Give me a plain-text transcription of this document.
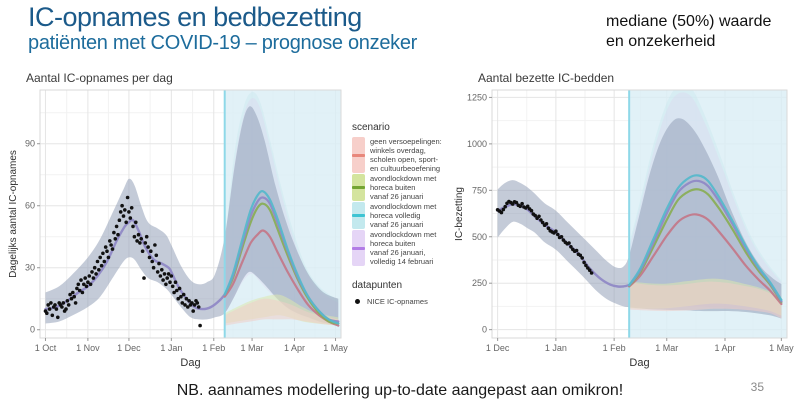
IC-opnames en bedbezetting
patiënten met COVID-19 – prognose onzeker
mediane (50%) waarde
en onzekerheid
1 Oct 1 Nov 1 Dec 1 Jan 1 Feb 1 Mar 1 Apr 1 May
0
30
60
90
Dag
Dagelijks aantal IC-opnames
Aantal IC-opnames per dag
scenario
geen versoepelingen:
winkels overdag,
scholen open, sport-
en cultuurbeoefening
avondlockdown met
horeca buiten
vanaf 26 januari
avondlockdown met
horeca volledig
vanaf 26 januari
avondlockdown met
horeca buiten
vanaf 26 januari,
volledig 14 februari
datapunten
NICE IC-opnames
1 Dec	1 Jan	1 Feb	1 Mar	1 Apr	1 May
0
250
500
750
1000
1250
Dag
IC-bezetting
Aantal bezette IC-bedden
NB. aannames modellering up-to-date aangepast aan omikron!	35
